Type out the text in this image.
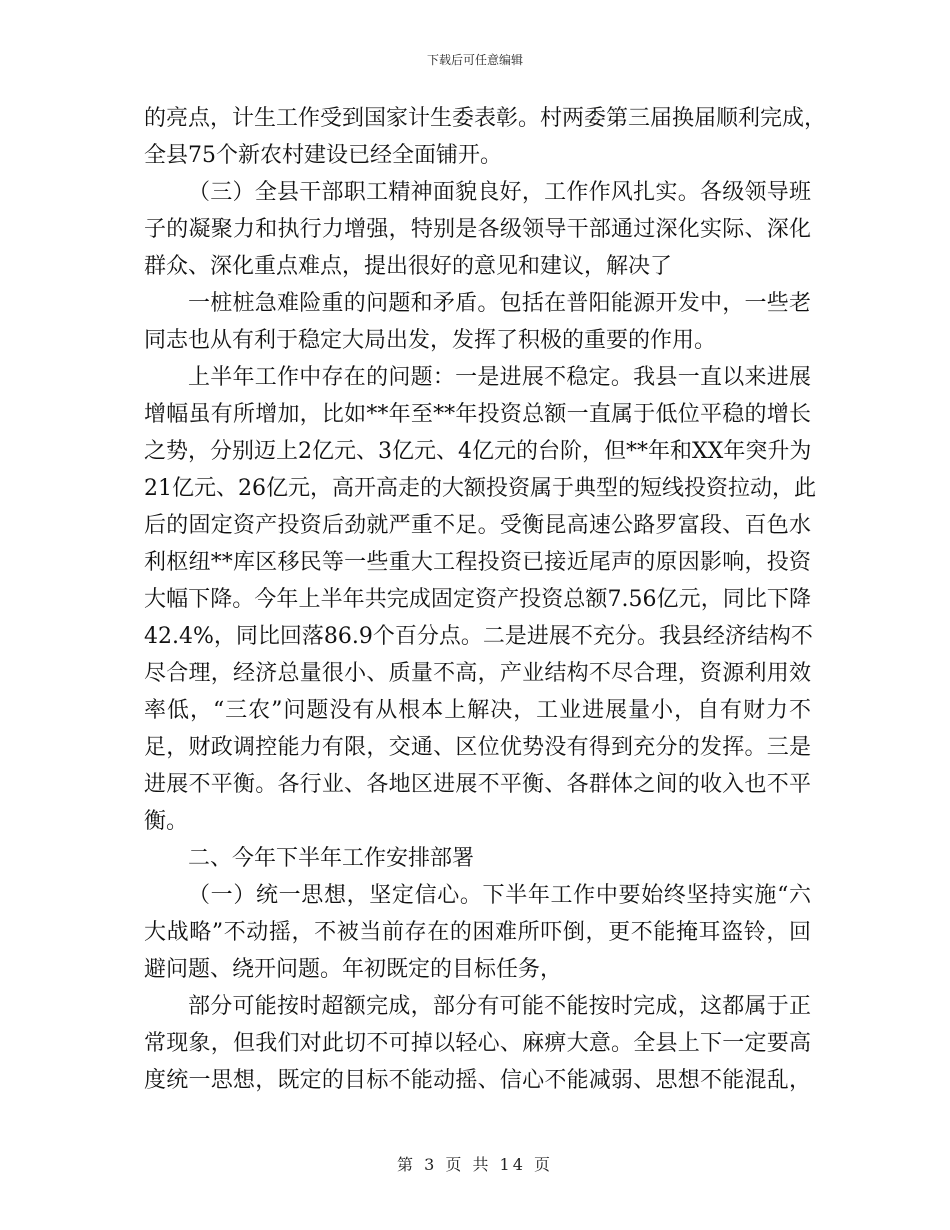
下载后可任意编辑
的亮点，计生工作受到国家计生委表彰。村两委第三届换届顺利完成，
全县75个新农村建设已经全面铺开。
（三）全县干部职工精神面貌良好，工作作风扎实。各级领导班
子的凝聚力和执行力增强，特别是各级领导干部通过深化实际、深化
群众、深化重点难点，提出很好的意见和建议，解决了
一桩桩急难险重的问题和矛盾。包括在普阳能源开发中，一些老
同志也从有利于稳定大局出发，发挥了积极的重要的作用。
上半年工作中存在的问题：一是进展不稳定。我县一直以来进展
增幅虽有所增加，比如**年至**年投资总额一直属于低位平稳的增长
之势，分别迈上2亿元、3亿元、4亿元的台阶，但**年和XX年突升为
21亿元、26亿元，高开高走的大额投资属于典型的短线投资拉动，此
后的固定资产投资后劲就严重不足。受衡昆高速公路罗富段、百色水
利枢纽**库区移民等一些重大工程投资已接近尾声的原因影响，投资
大幅下降。今年上半年共完成固定资产投资总额7.56亿元，同比下降
42.4%，同比回落86.9个百分点。二是进展不充分。我县经济结构不
尽合理，经济总量很小、质量不高，产业结构不尽合理，资源利用效
率低，“三农”问题没有从根本上解决，工业进展量小，自有财力不
足，财政调控能力有限，交通、区位优势没有得到充分的发挥。三是
进展不平衡。各行业、各地区进展不平衡、各群体之间的收入也不平
衡。
二、今年下半年工作安排部署
（一）统一思想，坚定信心。下半年工作中要始终坚持实施“六
大战略”不动摇，不被当前存在的困难所吓倒，更不能掩耳盗铃，回
避问题、绕开问题。年初既定的目标任务，
部分可能按时超额完成，部分有可能不能按时完成，这都属于正
常现象，但我们对此切不可掉以轻心、麻痹大意。全县上下一定要高
度统一思想，既定的目标不能动摇、信心不能减弱、思想不能混乱，
第 3 页 共 14 页
